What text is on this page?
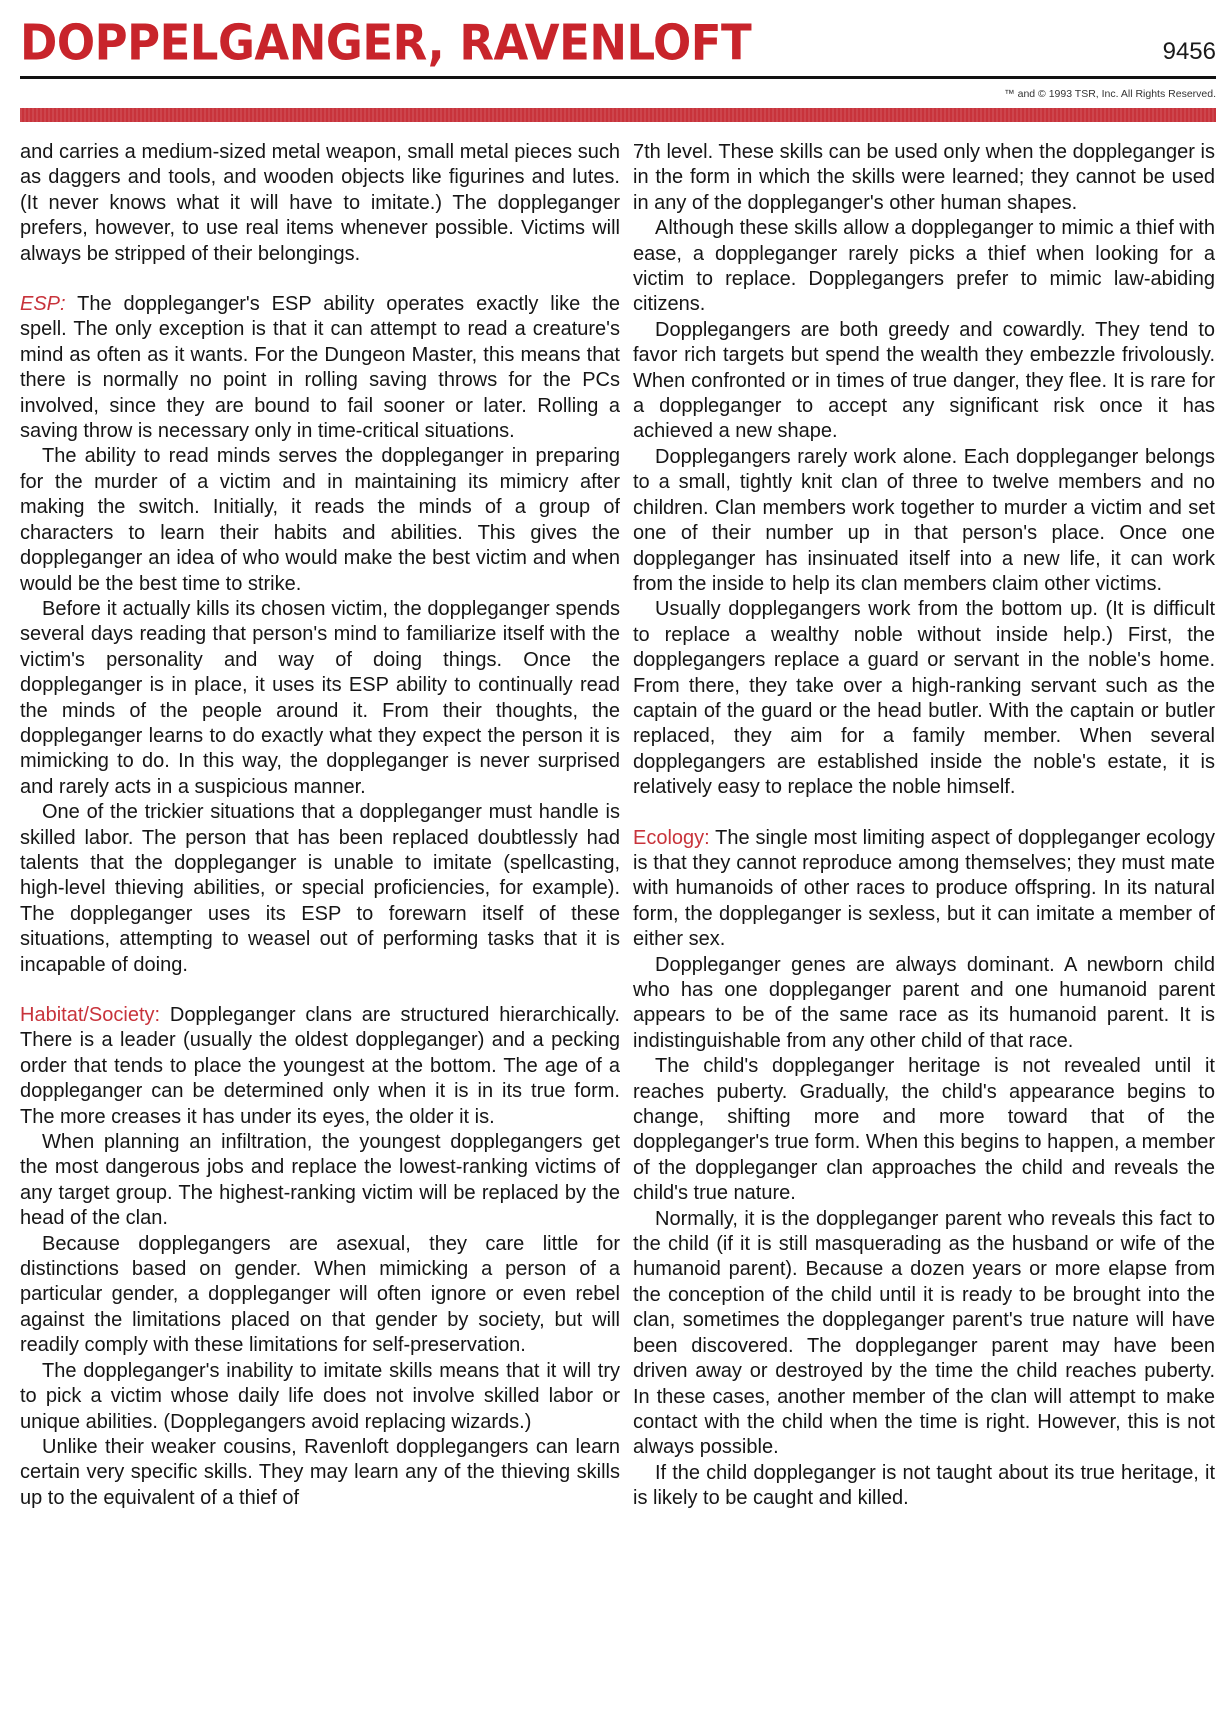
DOPPELGANGER, RAVENLOFT	9456
™ and © 1993 TSR, Inc. All Rights Reserved.

and carries a medium-sized metal weapon, small metal pieces such as daggers and tools, and wooden objects like figurines and lutes. (It never knows what it will have to imitate.) The doppleganger prefers, however, to use real items whenever possible. Victims will always be stripped of their belongings.

ESP: The doppleganger's ESP ability operates exactly like the spell. The only exception is that it can attempt to read a creature's mind as often as it wants. For the Dungeon Master, this means that there is normally no point in rolling saving throws for the PCs involved, since they are bound to fail sooner or later. Rolling a saving throw is necessary only in time-critical situations.

The ability to read minds serves the doppleganger in preparing for the murder of a victim and in maintaining its mimicry after making the switch. Initially, it reads the minds of a group of characters to learn their habits and abilities. This gives the doppleganger an idea of who would make the best victim and when would be the best time to strike.

Before it actually kills its chosen victim, the doppleganger spends several days reading that person's mind to familiarize itself with the victim's personality and way of doing things. Once the doppleganger is in place, it uses its ESP ability to continually read the minds of the people around it. From their thoughts, the doppleganger learns to do exactly what they expect the person it is mimicking to do. In this way, the doppleganger is never surprised and rarely acts in a suspicious manner.

One of the trickier situations that a doppleganger must handle is skilled labor. The person that has been replaced doubtlessly had talents that the doppleganger is unable to imitate (spellcasting, high-level thieving abilities, or special proficiencies, for example). The doppleganger uses its ESP to forewarn itself of these situations, attempting to weasel out of performing tasks that it is incapable of doing.

Habitat/Society: Doppleganger clans are structured hierarchically. There is a leader (usually the oldest doppleganger) and a pecking order that tends to place the youngest at the bottom. The age of a doppleganger can be determined only when it is in its true form. The more creases it has under its eyes, the older it is.

When planning an infiltration, the youngest dopplegangers get the most dangerous jobs and replace the lowest-ranking victims of any target group. The highest-ranking victim will be replaced by the head of the clan.

Because dopplegangers are asexual, they care little for distinctions based on gender. When mimicking a person of a particular gender, a doppleganger will often ignore or even rebel against the limitations placed on that gender by society, but will readily comply with these limitations for self-preservation.

The doppleganger's inability to imitate skills means that it will try to pick a victim whose daily life does not involve skilled labor or unique abilities. (Dopplegangers avoid replacing wizards.)

Unlike their weaker cousins, Ravenloft dopplegangers can learn certain very specific skills. They may learn any of the thieving skills up to the equivalent of a thief of

7th level. These skills can be used only when the doppleganger is in the form in which the skills were learned; they cannot be used in any of the doppleganger's other human shapes.

Although these skills allow a doppleganger to mimic a thief with ease, a doppleganger rarely picks a thief when looking for a victim to replace. Dopplegangers prefer to mimic law-abiding citizens.

Dopplegangers are both greedy and cowardly. They tend to favor rich targets but spend the wealth they embezzle frivolously. When confronted or in times of true danger, they flee. It is rare for a doppleganger to accept any significant risk once it has achieved a new shape.

Dopplegangers rarely work alone. Each doppleganger belongs to a small, tightly knit clan of three to twelve members and no children. Clan members work together to murder a victim and set one of their number up in that person's place. Once one doppleganger has insinuated itself into a new life, it can work from the inside to help its clan members claim other victims.

Usually dopplegangers work from the bottom up. (It is difficult to replace a wealthy noble without inside help.) First, the dopplegangers replace a guard or servant in the noble's home. From there, they take over a high-ranking servant such as the captain of the guard or the head butler. With the captain or butler replaced, they aim for a family member. When several dopplegangers are established inside the noble's estate, it is relatively easy to replace the noble himself.

Ecology: The single most limiting aspect of doppleganger ecology is that they cannot reproduce among themselves; they must mate with humanoids of other races to produce offspring. In its natural form, the doppleganger is sexless, but it can imitate a member of either sex.

Doppleganger genes are always dominant. A newborn child who has one doppleganger parent and one humanoid parent appears to be of the same race as its humanoid parent. It is indistinguishable from any other child of that race.

The child's doppleganger heritage is not revealed until it reaches puberty. Gradually, the child's appearance begins to change, shifting more and more toward that of the doppleganger's true form. When this begins to happen, a member of the doppleganger clan approaches the child and reveals the child's true nature.

Normally, it is the doppleganger parent who reveals this fact to the child (if it is still masquerading as the husband or wife of the humanoid parent). Because a dozen years or more elapse from the conception of the child until it is ready to be brought into the clan, sometimes the doppleganger parent's true nature will have been discovered. The doppleganger parent may have been driven away or destroyed by the time the child reaches puberty. In these cases, another member of the clan will attempt to make contact with the child when the time is right. However, this is not always possible.

If the child doppleganger is not taught about its true heritage, it is likely to be caught and killed.
